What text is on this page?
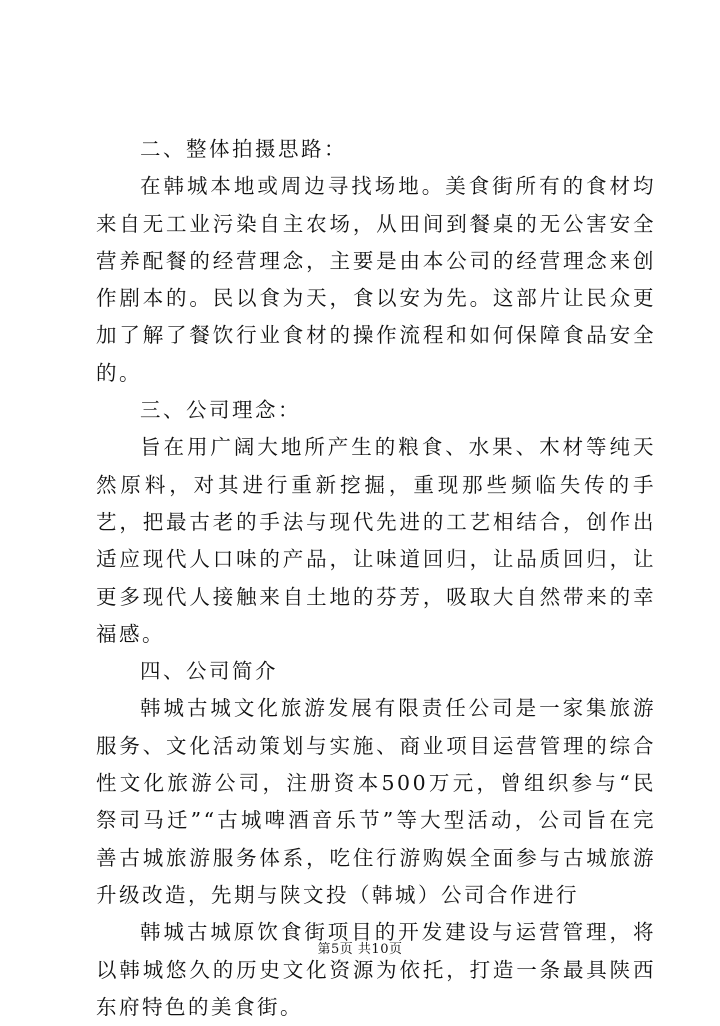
二、整体拍摄思路：

在韩城本地或周边寻找场地。美食街所有的食材均来自无工业污染自主农场，从田间到餐桌的无公害安全营养配餐的经营理念，主要是由本公司的经营理念来创作剧本的。民以食为天，食以安为先。这部片让民众更加了解了餐饮行业食材的操作流程和如何保障食品安全的。

三、公司理念：

旨在用广阔大地所产生的粮食、水果、木材等纯天然原料，对其进行重新挖掘，重现那些频临失传的手艺，把最古老的手法与现代先进的工艺相结合，创作出适应现代人口味的产品，让味道回归，让品质回归，让更多现代人接触来自土地的芬芳，吸取大自然带来的幸福感。

四、公司简介

韩城古城文化旅游发展有限责任公司是一家集旅游服务、文化活动策划与实施、商业项目运营管理的综合性文化旅游公司，注册资本500万元，曾组织参与“民祭司马迁”“古城啤酒音乐节”等大型活动，公司旨在完善古城旅游服务体系，吃住行游购娱全面参与古城旅游升级改造，先期与陕文投（韩城）公司合作进行

韩城古城原饮食街项目的开发建设与运营管理，将以韩城悠久的历史文化资源为依托，打造一条最具陕西东府特色的美食街。

第5页 共10页
